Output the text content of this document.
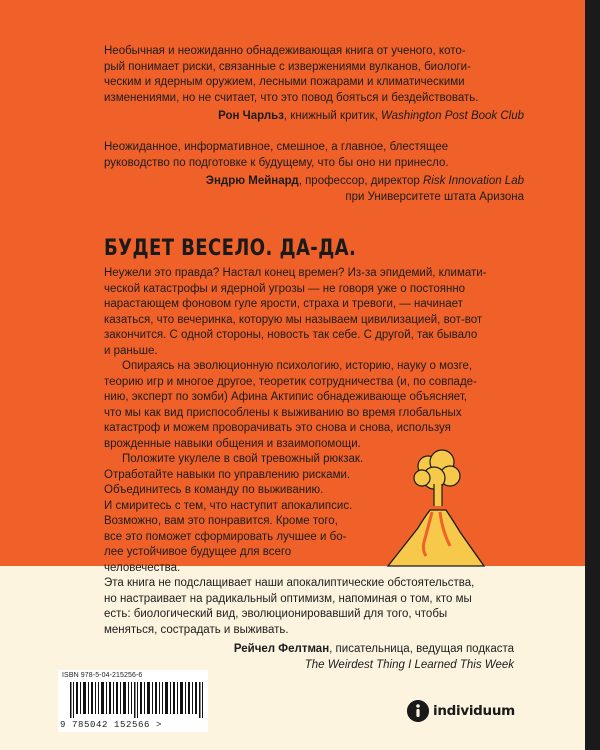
Необычная и неожиданно обнадеживающая книга от ученого, кото-
рый понимает риски, связанные с извержениями вулканов, биологи-
ческим и ядерным оружием, лесными пожарами и климатическими
изменениями, но не считает, что это повод бояться и бездействовать.
Рон Чарльз, книжный критик, Washington Post Book Club
Неожиданное, информативное, смешное, а главное, блестящее
руководство по подготовке к будущему, что бы оно ни принесло.
Эндрю Мейнард, профессор, директор Risk Innovation Lab
при Университете штата Аризона
БУДЕТ ВЕСЕЛО. ДА-ДА.

Неужели это правда? Настал конец времен? Из-за эпидемий, климати-
ческой катастрофы и ядерной угрозы — не говоря уже о постоянно
нарастающем фоновом гуле ярости, страха и тревоги, — начинает
казаться, что вечеринка, которую мы называем цивилизацией, вот-вот
закончится. С одной стороны, новость так себе. С другой, так бывало
и раньше.

Опираясь на эволюционную психологию, историю, науку о мозге,
теорию игр и многое другое, теоретик сотрудничества (и, по совпаде-
нию, эксперт по зомби) Афина Актипис обнадеживающе объясняет,
что мы как вид приспособлены к выживанию во время глобальных
катастроф и можем проворачивать это снова и снова, используя
врожденные навыки общения и взаимопомощи.

Положите укулеле в свой тревожный рюкзак.
Отработайте навыки по управлению рисками.
Объединитесь в команду по выживанию.
И смиритесь с тем, что наступит апокалипсис.
Возможно, вам это понравится. Кроме того,
все это поможет сформировать лучшее и бо-
лее устойчивое будущее для всего
человечества.

Эта книга не подслащивает наши апокалиптические обстоятельства,
но настраивает на радикальный оптимизм, напоминая о том, кто мы
есть: биологический вид, эволюционировавший для того, чтобы
меняться, сострадать и выживать.
Рейчел Фелтман, писательница, ведущая подкаста
The Weirdest Thing I Learned This Week
ISBN 978-5-04-215256-6
9 785042 152566 >
individuum
